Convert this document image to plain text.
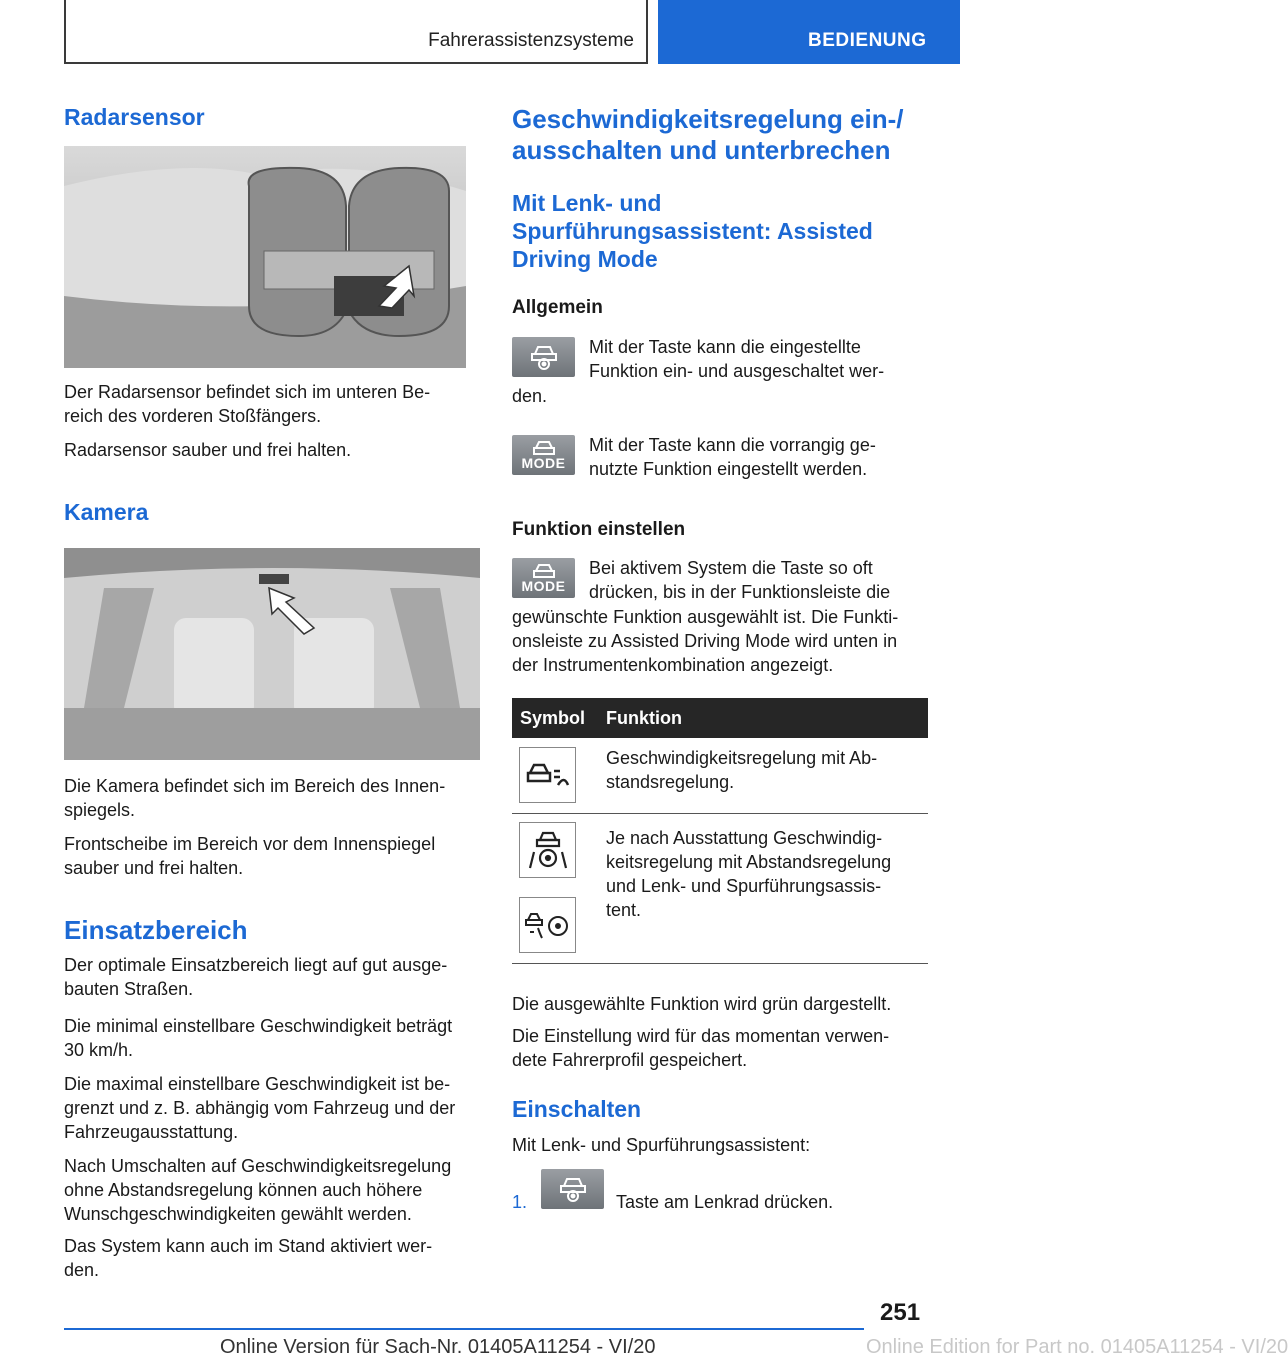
Fahrerassistenzsysteme	BEDIENUNG
Radarsensor
Der Radarsensor befindet sich im unteren Be-
reich des vorderen Stoßfängers.
Radarsensor sauber und frei halten.
Kamera
Die Kamera befindet sich im Bereich des Innen-
spiegels.
Frontscheibe im Bereich vor dem Innenspiegel
sauber und frei halten.
Einsatzbereich
Der optimale Einsatzbereich liegt auf gut ausge-
bauten Straßen.
Die minimal einstellbare Geschwindigkeit beträgt
30 km/h.
Die maximal einstellbare Geschwindigkeit ist be-
grenzt und z. B. abhängig vom Fahrzeug und der
Fahrzeugausstattung.
Nach Umschalten auf Geschwindigkeitsregelung
ohne Abstandsregelung können auch höhere
Wunschgeschwindigkeiten gewählt werden.
Das System kann auch im Stand aktiviert wer-
den.
Geschwindigkeitsregelung ein-/
ausschalten und unterbrechen
Mit Lenk- und
Spurführungsassistent: Assisted
Driving Mode
Allgemein
Mit der Taste kann die eingestellte
Funktion ein- und ausgeschaltet wer-
den.
MODE
Mit der Taste kann die vorrangig ge-
nutzte Funktion eingestellt werden.
Funktion einstellen
MODE
Bei aktivem System die Taste so oft
drücken, bis in der Funktionsleiste die
gewünschte Funktion ausgewählt ist. Die Funkti-
onsleiste zu Assisted Driving Mode wird unten in
der Instrumentenkombination angezeigt.
Symbol Funktion
Geschwindigkeitsregelung mit Ab-
standsregelung.
Je nach Ausstattung Geschwindig-
keitsregelung mit Abstandsregelung
und Lenk- und Spurführungsassis-
tent.
Die ausgewählte Funktion wird grün dargestellt.
Die Einstellung wird für das momentan verwen-
dete Fahrerprofil gespeichert.
Einschalten
Mit Lenk- und Spurführungsassistent:
1.	Taste am Lenkrad drücken.
251
Online Version für Sach-Nr. 01405A11254 - VI/20	Online Edition for Part no. 01405A11254 - VI/20
